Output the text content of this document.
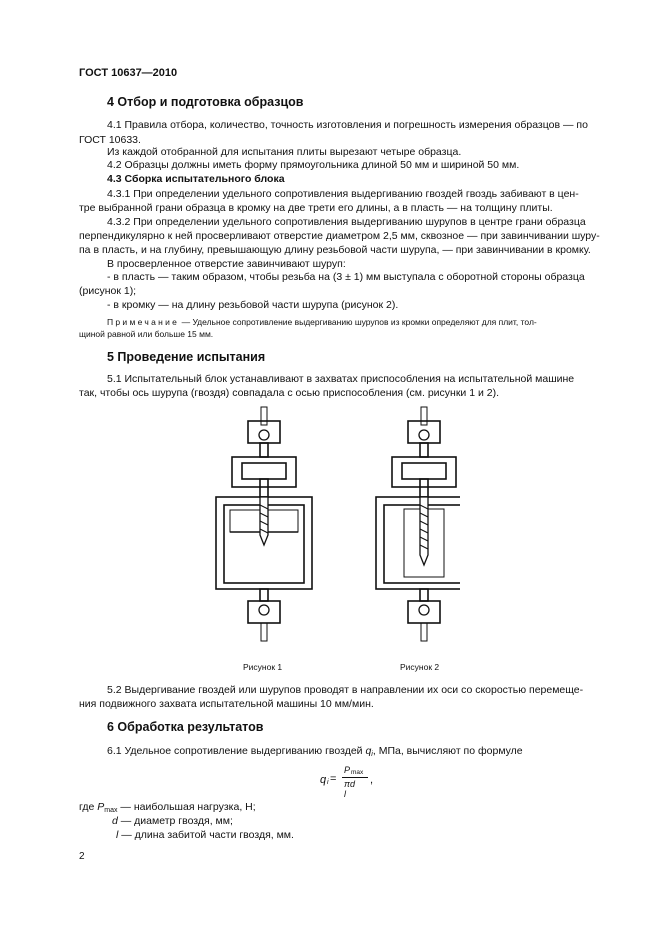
ГОСТ 10637—2010
4 Отбор и подготовка образцов
4.1 Правила отбора, количество, точность изготовления и погрешность измерения образцов — по
ГОСТ 10633.
Из каждой отобранной для испытания плиты вырезают четыре образца.
4.2 Образцы должны иметь форму прямоугольника длиной 50 мм и шириной 50 мм.
4.3 Сборка испытательного блока
4.3.1 При определении удельного сопротивления выдергиванию гвоздей гвоздь забивают в цен-
тре выбранной грани образца в кромку на две трети его длины, а в пласть — на толщину плиты.
4.3.2 При определении удельного сопротивления выдергиванию шурупов в центре грани образца
перпендикулярно к ней просверливают отверстие диаметром 2,5 мм, сквозное — при завинчивании шуру-
па в пласть, и на глубину, превышающую длину резьбовой части шурупа, — при завинчивании в кромку.
В просверленное отверстие завинчивают шуруп:
- в пласть — таким образом, чтобы резьба на (3 ± 1) мм выступала с оборотной стороны образца
(рисунок 1);
- в кромку — на длину резьбовой части шурупа (рисунок 2).
Примечание — Удельное сопротивление выдергиванию шурупов из кромки определяют для плит, тол-
щиной равной или больше 15 мм.
5 Проведение испытания
5.1 Испытательный блок устанавливают в захватах приспособления на испытательной машине
так, чтобы ось шурупа (гвоздя) совпадала с осью приспособления (см. рисунки 1 и 2).
Рисунок 1	Рисунок 2
5.2 Выдергивание гвоздей или шурупов проводят в направлении их оси со скоростью перемеще-
ния подвижного захвата испытательной машины 10 мм/мин.
6 Обработка результатов
6.1 Удельное сопротивление выдергиванию гвоздей $q_i$, МПа, вычисляют по формуле
q i =
P max
πd l
,
где $P_{max}$ — наибольшая нагрузка, Н;
d — диаметр гвоздя, мм;
l — длина забитой части гвоздя, мм.
2
